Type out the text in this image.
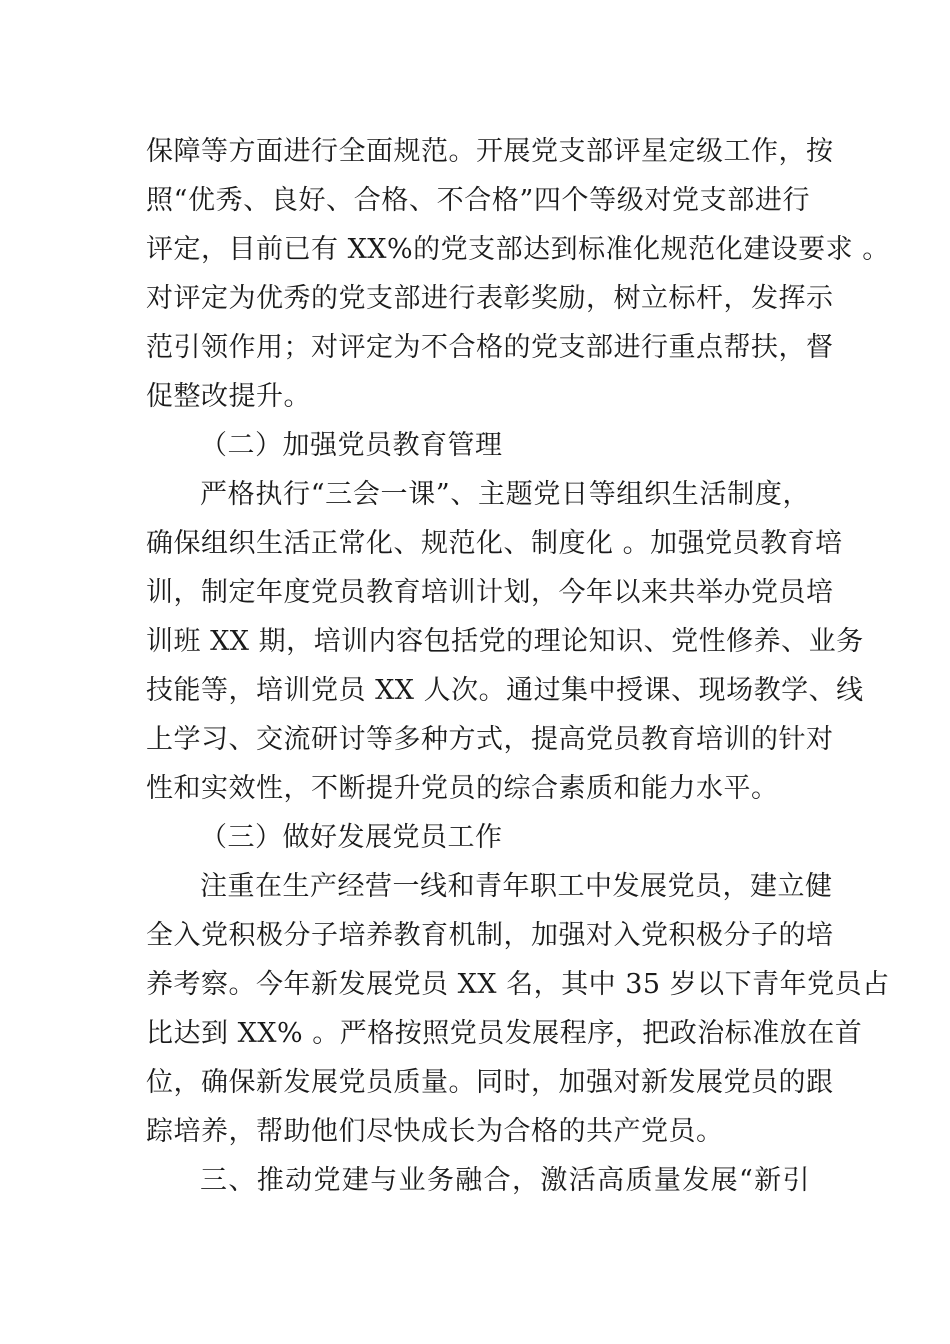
保障等方面进行全面规范。开展党支部评星定级工作，按
照“优秀、良好、合格、不合格”四个等级对党支部进行
评定，目前已有 XX%的党支部达到标准化规范化建设要求 。
对评定为优秀的党支部进行表彰奖励，树立标杆，发挥示
范引领作用；对评定为不合格的党支部进行重点帮扶，督
促整改提升。
（二）加强党员教育管理
严格执行“三会一课”、主题党日等组织生活制度，
确保组织生活正常化、规范化、制度化 。加强党员教育培
训，制定年度党员教育培训计划，今年以来共举办党员培
训班 XX 期，培训内容包括党的理论知识、党性修养、业务
技能等，培训党员 XX 人次。通过集中授课、现场教学、线
上学习、交流研讨等多种方式，提高党员教育培训的针对
性和实效性，不断提升党员的综合素质和能力水平。
（三）做好发展党员工作
注重在生产经营一线和青年职工中发展党员，建立健
全入党积极分子培养教育机制，加强对入党积极分子的培
养考察。今年新发展党员 XX 名，其中 35 岁以下青年党员占
比达到 XX% 。严格按照党员发展程序，把政治标准放在首
位，确保新发展党员质量。同时，加强对新发展党员的跟
踪培养，帮助他们尽快成长为合格的共产党员。
三、推动党建与业务融合，激活高质量发展“新引
